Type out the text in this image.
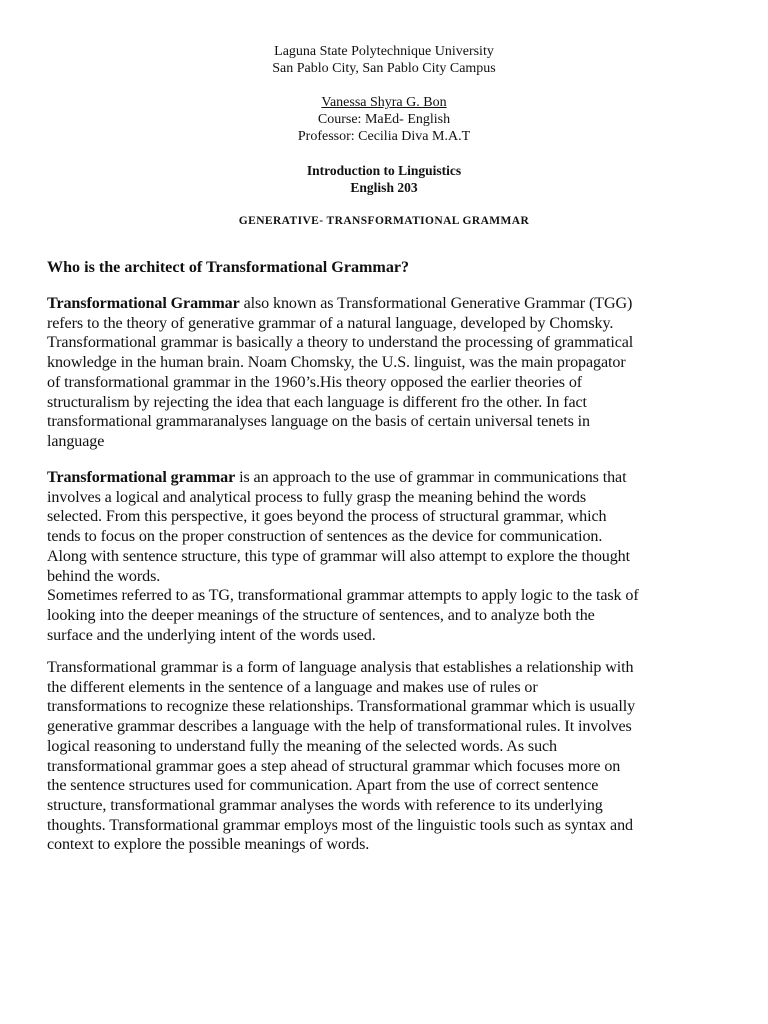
Laguna State Polytechnique University
San Pablo City, San Pablo City Campus
Vanessa Shyra G. Bon
Course: MaEd- English
Professor: Cecilia Diva M.A.T
Introduction to Linguistics
English 203
GENERATIVE- TRANSFORMATIONAL GRAMMAR
Who is the architect of Transformational Grammar?
Transformational Grammar also known as Transformational Generative Grammar (TGG)
refers to the theory of generative grammar of a natural language, developed by Chomsky.
Transformational grammar is basically a theory to understand the processing of grammatical
knowledge in the human brain. Noam Chomsky, the U.S. linguist, was the main propagator
of transformational grammar in the 1960’s.His theory opposed the earlier theories of
structuralism by rejecting the idea that each language is different fro the other. In fact
transformational grammaranalyses language on the basis of certain universal tenets in
language
Transformational grammar is an approach to the use of grammar in communications that
involves a logical and analytical process to fully grasp the meaning behind the words
selected. From this perspective, it goes beyond the process of structural grammar, which
tends to focus on the proper construction of sentences as the device for communication.
Along with sentence structure, this type of grammar will also attempt to explore the thought
behind the words.
Sometimes referred to as TG, transformational grammar attempts to apply logic to the task of
looking into the deeper meanings of the structure of sentences, and to analyze both the
surface and the underlying intent of the words used.
Transformational grammar is a form of language analysis that establishes a relationship with
the different elements in the sentence of a language and makes use of rules or
transformations to recognize these relationships. Transformational grammar which is usually
generative grammar describes a language with the help of transformational rules. It involves
logical reasoning to understand fully the meaning of the selected words. As such
transformational grammar goes a step ahead of structural grammar which focuses more on
the sentence structures used for communication. Apart from the use of correct sentence
structure, transformational grammar analyses the words with reference to its underlying
thoughts. Transformational grammar employs most of the linguistic tools such as syntax and
context to explore the possible meanings of words.
